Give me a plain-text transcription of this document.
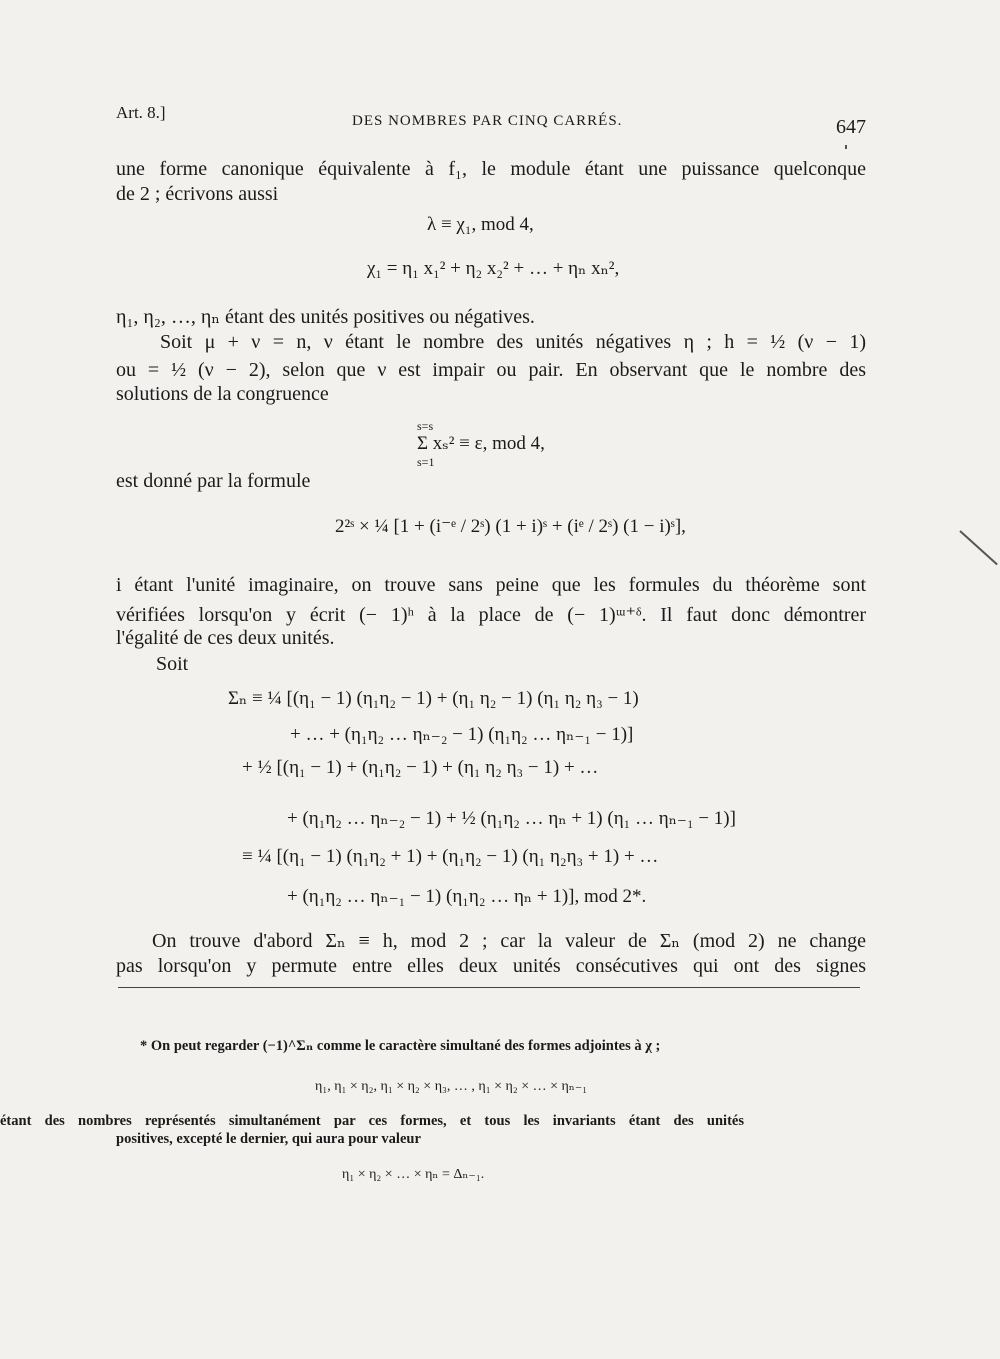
Art. 8.]	DES NOMBRES PAR CINQ CARRÉS.	647
une forme canonique équivalente à f₁, le module étant une puissance quelconque
de 2 ; écrivons aussi
λ ≡ χ₁, mod 4,
χ₁ = η₁ x₁² + η₂ x₂² + … + ηₙ xₙ²,
η₁, η₂, …, ηₙ étant des unités positives ou négatives.
Soit μ + ν = n, ν étant le nombre des unités négatives η ; h = ½ (ν − 1)
ou = ½ (ν − 2), selon que ν est impair ou pair. En observant que le nombre des
solutions de la congruence
s=s
Σ xₛ² ≡ ε, mod 4,
s=1
est donné par la formule
2²ˢ × ¼ [1 + (i⁻ᵉ / 2ˢ) (1 + i)ˢ + (iᵉ / 2ˢ) (1 − i)ˢ],
i étant l'unité imaginaire, on trouve sans peine que les formules du théorème sont
vérifiées lorsqu'on y écrit (− 1)ʰ à la place de (− 1)ᵚ⁺ᵟ. Il faut donc démontrer
l'égalité de ces deux unités.
Soit
Σₙ ≡ ¼ [(η₁ − 1) (η₁η₂ − 1) + (η₁ η₂ − 1) (η₁ η₂ η₃ − 1)
+ … + (η₁η₂ … ηₙ₋₂ − 1) (η₁η₂ … ηₙ₋₁ − 1)]
+ ½ [(η₁ − 1) + (η₁η₂ − 1) + (η₁ η₂ η₃ − 1) + …
+ (η₁η₂ … ηₙ₋₂ − 1) + ½ (η₁η₂ … ηₙ + 1) (η₁ … ηₙ₋₁ − 1)]
≡ ¼ [(η₁ − 1) (η₁η₂ + 1) + (η₁η₂ − 1) (η₁ η₂η₃ + 1) + …
+ (η₁η₂ … ηₙ₋₁ − 1) (η₁η₂ … ηₙ + 1)], mod 2*.
On trouve d'abord Σₙ ≡ h, mod 2 ; car la valeur de Σₙ (mod 2) ne change
pas lorsqu'on y permute entre elles deux unités consécutives qui ont des signes
* On peut regarder (−1)^Σₙ comme le caractère simultané des formes adjointes à χ ;
η₁, η₁ × η₂, η₁ × η₂ × η₃, … , η₁ × η₂ × … × ηₙ₋₁
étant des nombres représentés simultanément par ces formes, et tous les invariants étant des unités
positives, excepté le dernier, qui aura pour valeur
η₁ × η₂ × … × ηₙ = Δₙ₋₁.
